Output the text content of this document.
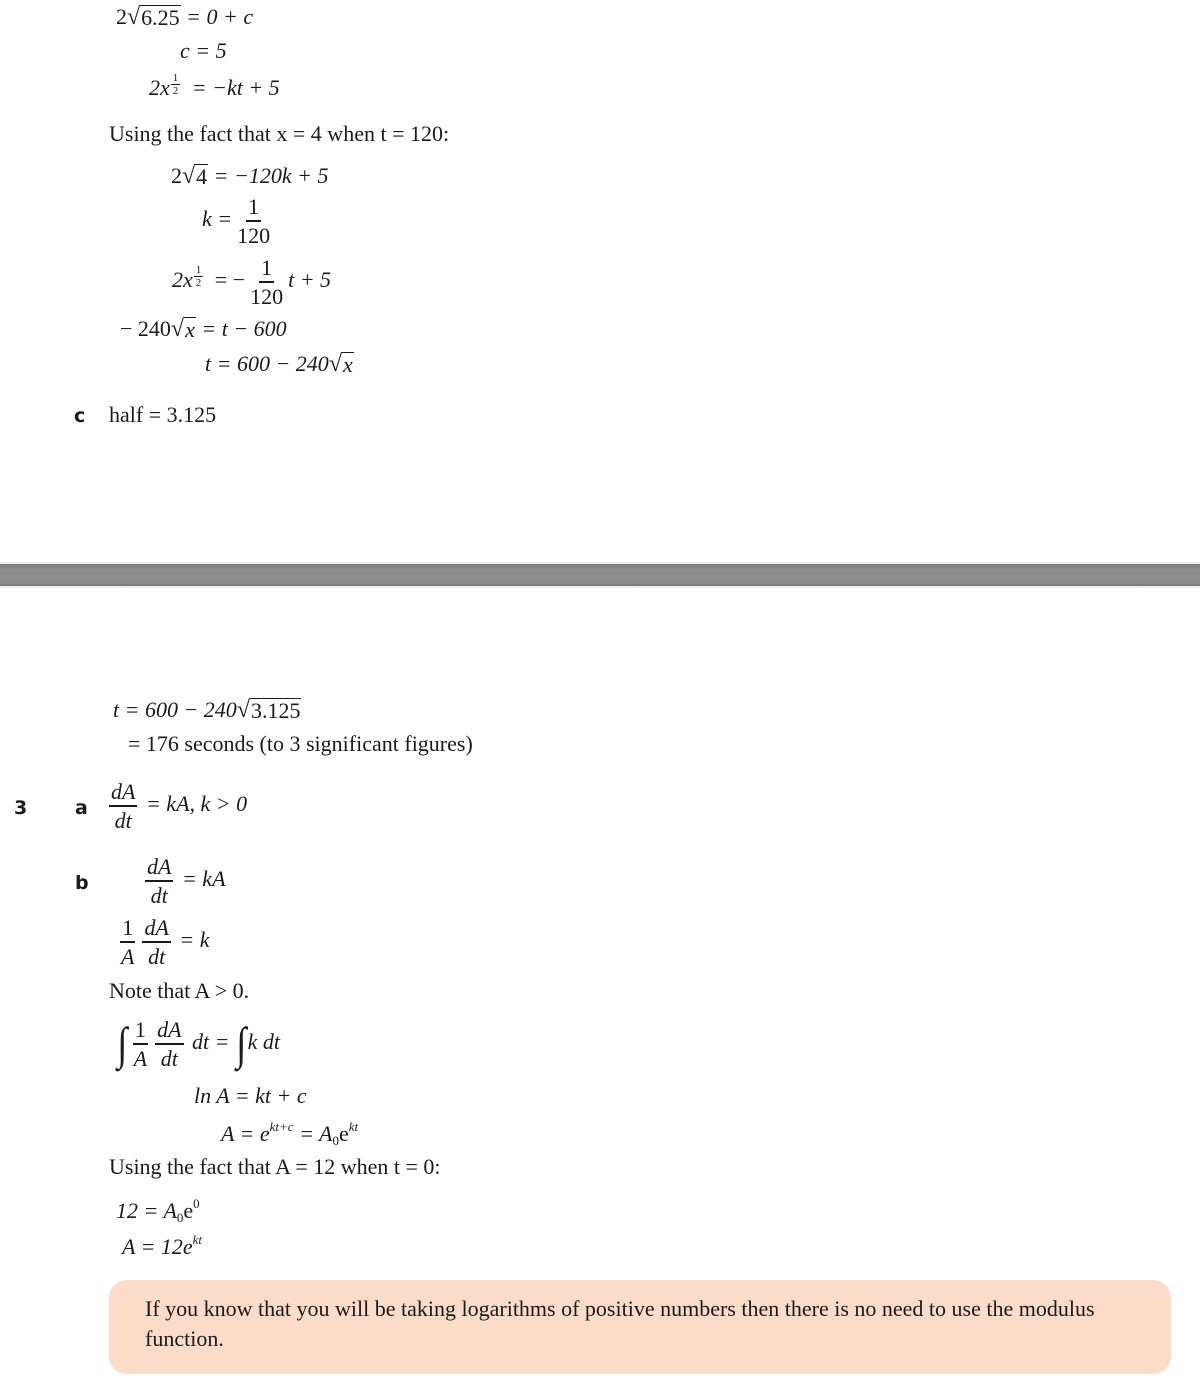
2 √ 6.25 = 0 + c
c = 5
$2x \frac{1}{2} = -kt + 5$
Using the fact that x = 4 when t = 120:
2 √ 4 = −120k + 5
$k = \frac{1}{120}$
$2x \frac{1}{2}$ = − $\frac{1}{120}$ t + 5
− 240 √ x = t − 600
t = 600 − 240 √ x
c half = 3.125
t = 600 − 240 √ 3.125
= 176 seconds (to 3 significant figures)
3	a $\frac{dA}{dt}$ = kA, k > 0
b	$\frac{dA}{dt}$ = kA
$\frac{1}{A} \frac{dA}{dt} = k$
Note that A > 0.
∫ $\frac{1}{A} \frac{dA}{dt}$ dt = ∫k dt
ln A = kt + c
$A = e^{kt+c} = A_0e^{kt}$
Using the fact that A = 12 when t = 0:
$12 = A_0e^0$
$A = 12e^{kt}$
If you know that you will be taking logarithms of positive numbers then there is no need to use the modulus function.
